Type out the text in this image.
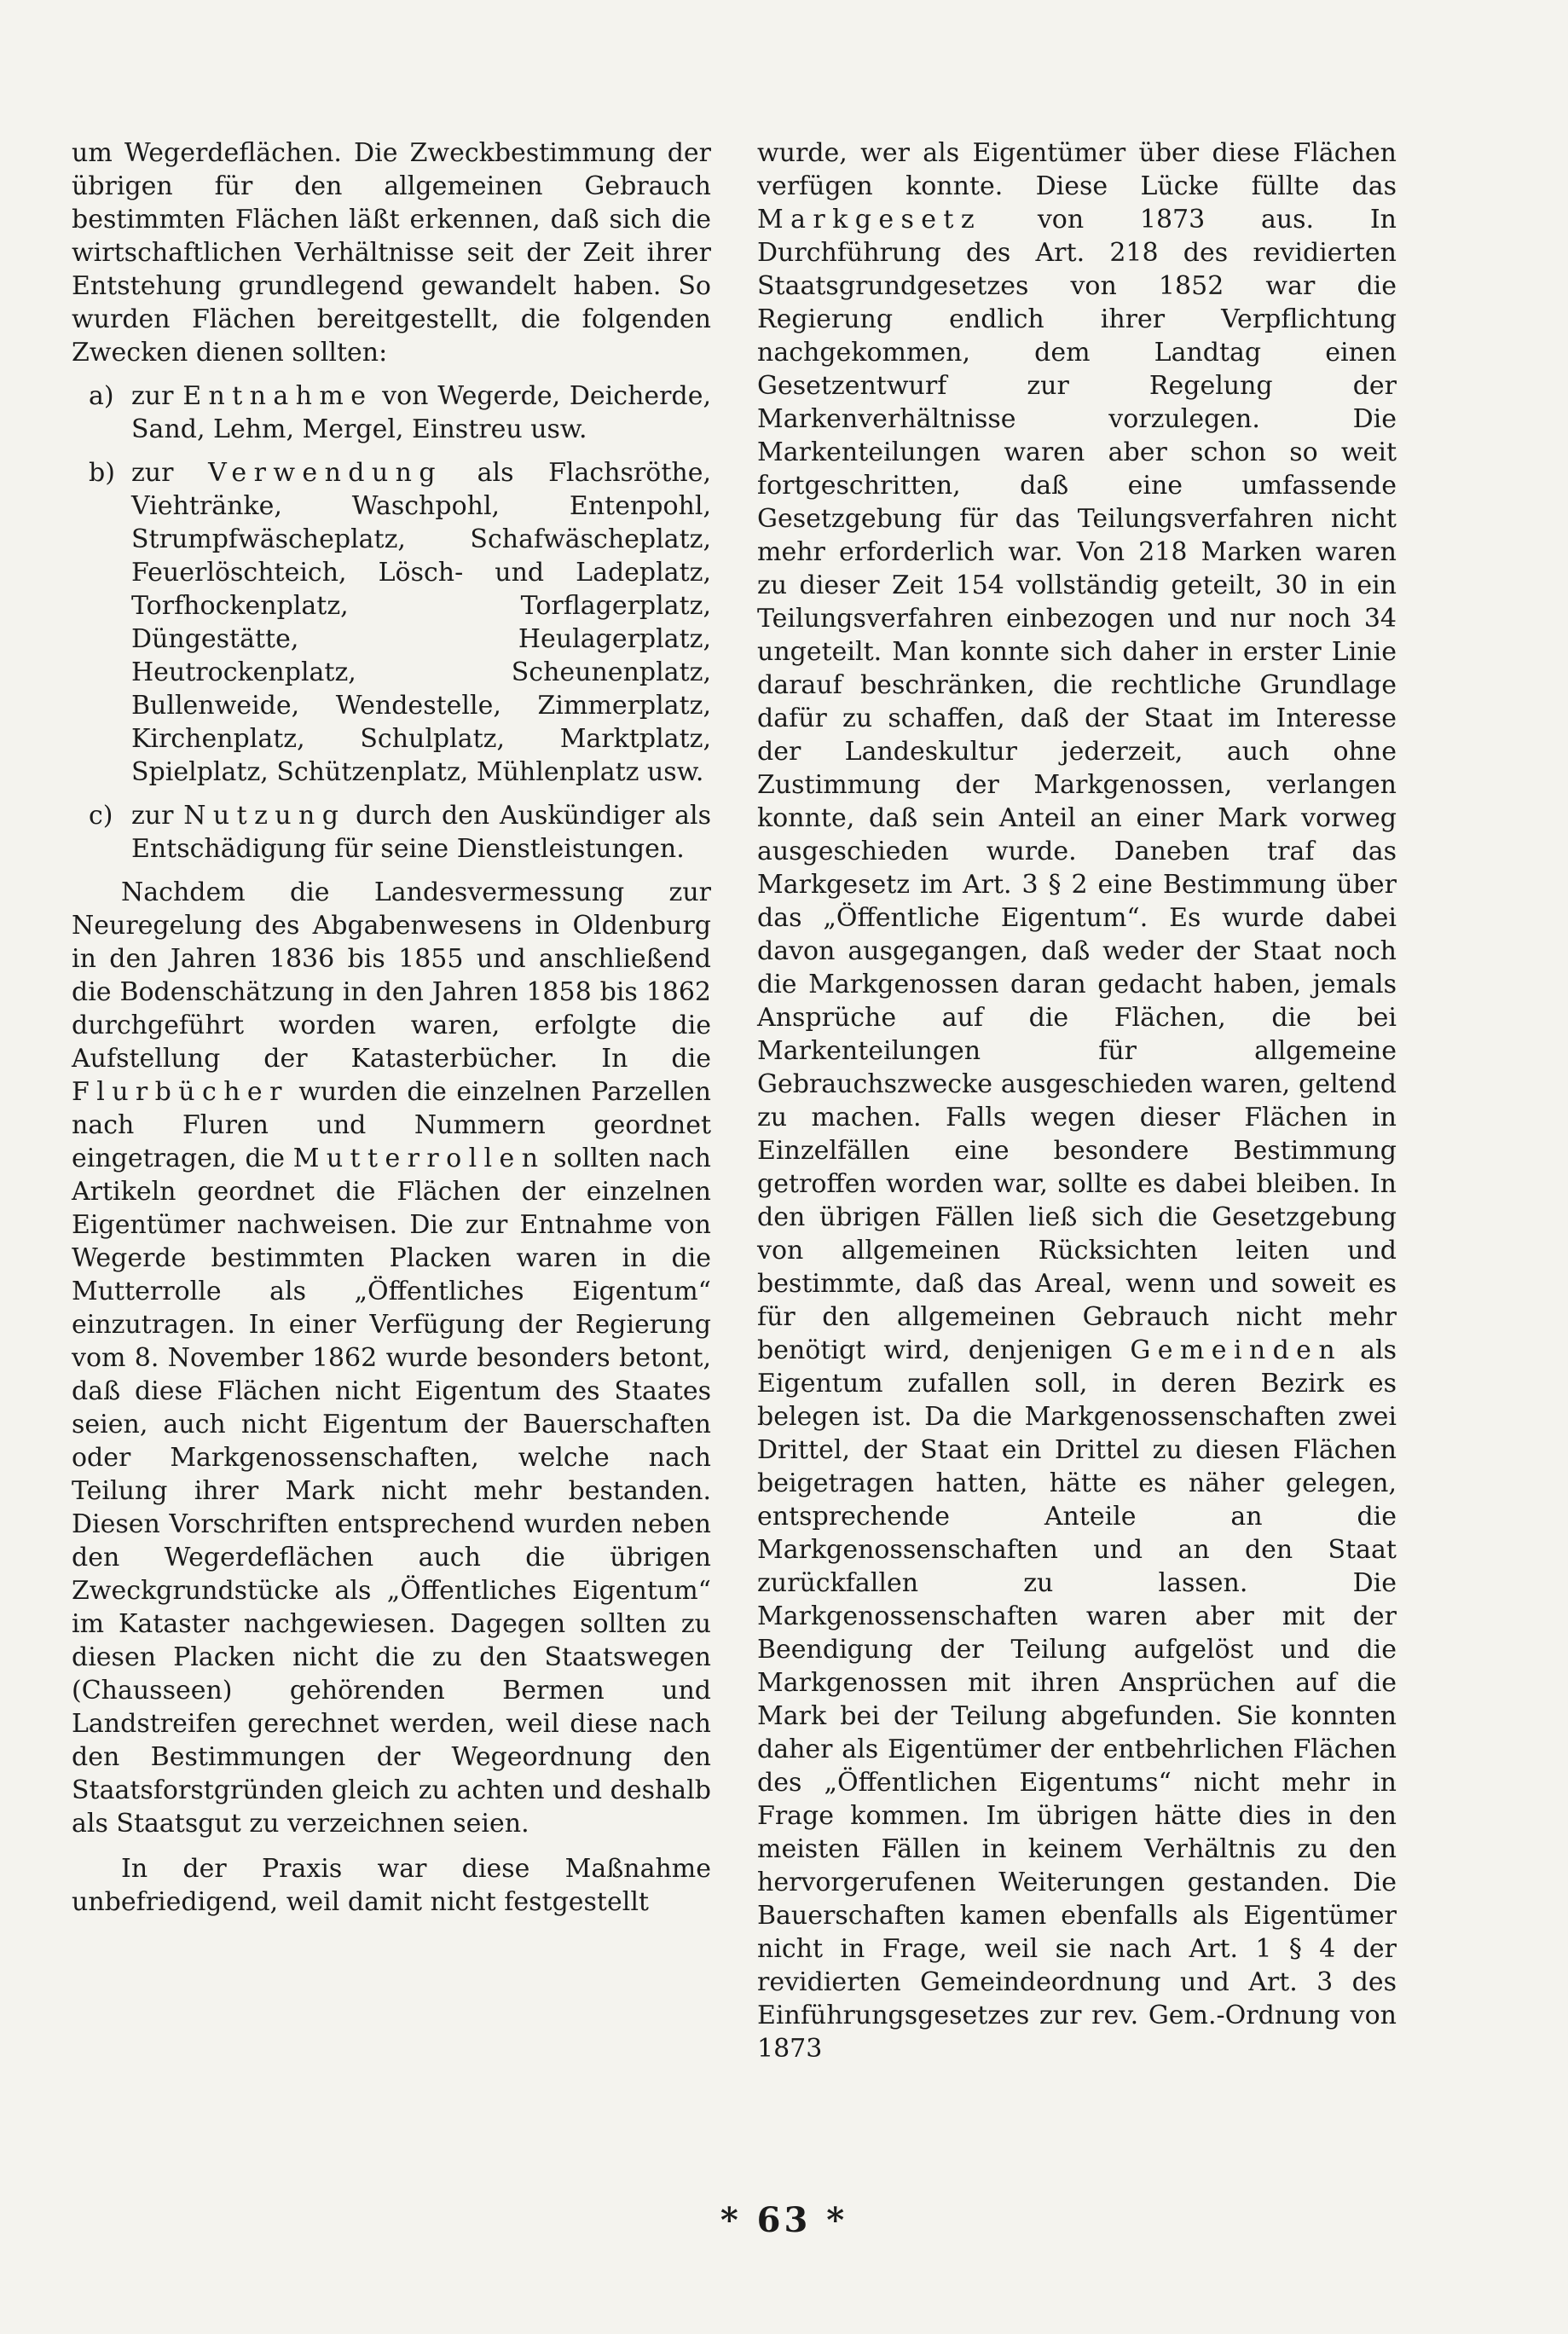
um Wegerdeflächen. Die Zweckbestimmung der übrigen für den allgemeinen Gebrauch bestimmten Flächen läßt erkennen, daß sich die wirtschaftlichen Verhältnisse seit der Zeit ihrer Entstehung grundlegend gewandelt haben. So wurden Flächen bereitgestellt, die folgenden Zwecken dienen sollten:

a) zur Entnahme von Wegerde, Deicherde, Sand, Lehm, Mergel, Einstreu usw.
b) zur Verwendung als Flachsröthe, Viehtränke, Waschpohl, Entenpohl, Strumpfwäscheplatz, Schafwäscheplatz, Feuerlöschteich, Lösch- und Ladeplatz, Torfhockenplatz, Torflagerplatz, Düngestätte, Heulagerplatz, Heutrockenplatz, Scheunenplatz, Bullenweide, Wendestelle, Zimmerplatz, Kirchenplatz, Schulplatz, Marktplatz, Spielplatz, Schützenplatz, Mühlenplatz usw.
c) zur Nutzung durch den Auskündiger als Entschädigung für seine Dienstleistungen.

Nachdem die Landesvermessung zur Neuregelung des Abgabenwesens in Oldenburg in den Jahren 1836 bis 1855 und anschließend die Bodenschätzung in den Jahren 1858 bis 1862 durchgeführt worden waren, erfolgte die Aufstellung der Katasterbücher. In die Flurbücher wurden die einzelnen Parzellen nach Fluren und Nummern geordnet eingetragen, die Mutterrollen sollten nach Artikeln geordnet die Flächen der einzelnen Eigentümer nachweisen. Die zur Entnahme von Wegerde bestimmten Placken waren in die Mutterrolle als „Öffentliches Eigentum“ einzutragen. In einer Verfügung der Regierung vom 8. November 1862 wurde besonders betont, daß diese Flächen nicht Eigentum des Staates seien, auch nicht Eigentum der Bauerschaften oder Markgenossenschaften, welche nach Teilung ihrer Mark nicht mehr bestanden. Diesen Vorschriften entsprechend wurden neben den Wegerdeflächen auch die übrigen Zweckgrundstücke als „Öffentliches Eigentum“ im Kataster nachgewiesen. Dagegen sollten zu diesen Placken nicht die zu den Staatswegen (Chausseen) gehörenden Bermen und Landstreifen gerechnet werden, weil diese nach den Bestimmungen der Wegeordnung den Staatsforstgründen gleich zu achten und deshalb als Staatsgut zu verzeichnen seien.

In der Praxis war diese Maßnahme unbefriedigend, weil damit nicht festgestellt

wurde, wer als Eigentümer über diese Flächen verfügen konnte. Diese Lücke füllte das Markgesetz von 1873 aus. In Durchführung des Art. 218 des revidierten Staatsgrundgesetzes von 1852 war die Regierung endlich ihrer Verpflichtung nachgekommen, dem Landtag einen Gesetzentwurf zur Regelung der Markenverhältnisse vorzulegen. Die Markenteilungen waren aber schon so weit fortgeschritten, daß eine umfassende Gesetzgebung für das Teilungsverfahren nicht mehr erforderlich war. Von 218 Marken waren zu dieser Zeit 154 vollständig geteilt, 30 in ein Teilungsverfahren einbezogen und nur noch 34 ungeteilt. Man konnte sich daher in erster Linie darauf beschränken, die rechtliche Grundlage dafür zu schaffen, daß der Staat im Interesse der Landeskultur jederzeit, auch ohne Zustimmung der Markgenossen, verlangen konnte, daß sein Anteil an einer Mark vorweg ausgeschieden wurde. Daneben traf das Markgesetz im Art. 3 § 2 eine Bestimmung über das „Öffentliche Eigentum“. Es wurde dabei davon ausgegangen, daß weder der Staat noch die Markgenossen daran gedacht haben, jemals Ansprüche auf die Flächen, die bei Markenteilungen für allgemeine Gebrauchszwecke ausgeschieden waren, geltend zu machen. Falls wegen dieser Flächen in Einzelfällen eine besondere Bestimmung getroffen worden war, sollte es dabei bleiben. In den übrigen Fällen ließ sich die Gesetzgebung von allgemeinen Rücksichten leiten und bestimmte, daß das Areal, wenn und soweit es für den allgemeinen Gebrauch nicht mehr benötigt wird, denjenigen Gemeinden als Eigentum zufallen soll, in deren Bezirk es belegen ist. Da die Markgenossenschaften zwei Drittel, der Staat ein Drittel zu diesen Flächen beigetragen hatten, hätte es näher gelegen, entsprechende Anteile an die Markgenossenschaften und an den Staat zurückfallen zu lassen. Die Markgenossenschaften waren aber mit der Beendigung der Teilung aufgelöst und die Markgenossen mit ihren Ansprüchen auf die Mark bei der Teilung abgefunden. Sie konnten daher als Eigentümer der entbehrlichen Flächen des „Öffentlichen Eigentums“ nicht mehr in Frage kommen. Im übrigen hätte dies in den meisten Fällen in keinem Verhältnis zu den hervorgerufenen Weiterungen gestanden. Die Bauerschaften kamen ebenfalls als Eigentümer nicht in Frage, weil sie nach Art. 1 § 4 der revidierten Gemeindeordnung und Art. 3 des Einführungsgesetzes zur rev. Gem.-Ordnung von 1873

* 63 *
